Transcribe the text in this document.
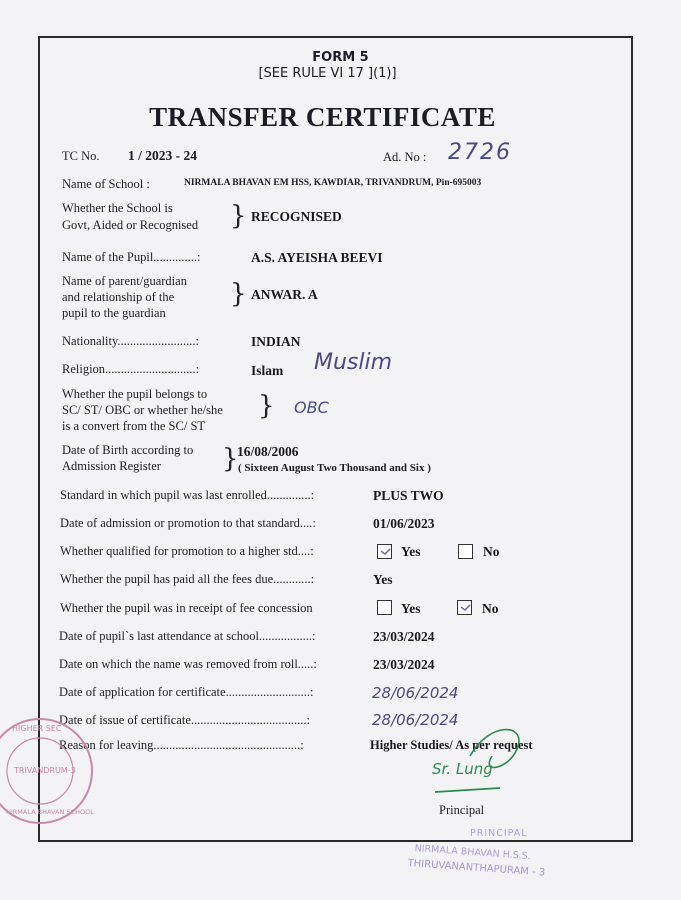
FORM 5
[SEE RULE VI 17 ](1)]
TRANSFER CERTIFICATE
TC No. 1 / 2023 - 24	Ad. No : 2726
Name of School :	NIRMALA BHAVAN EM HSS, KAWDIAR, TRIVANDRUM, Pin-695003
Whether the School is
Govt, Aided or Recognised } RECOGNISED
Name of the Pupil..............:	A.S. AYEISHA BEEVI
Name of parent/guardian
and relationship of the
pupil to the guardian
} ANWAR. A
Nationality.........................:	INDIAN
Religion.............................:	Islam Muslim
Whether the pupil belongs to
SC/ ST/ OBC or whether he/she
is a convert from the SC/ ST
} OBC
Date of Birth according to
Admission Register }
16/08/2006
( Sixteen August Two Thousand and Six )
Standard in which pupil was last enrolled..............:	PLUS TWO
Date of admission or promotion to that standard....:	01/06/2023
Whether qualified for promotion to a higher std....:	Yes	No
Whether the pupil has paid all the fees due............:	Yes
Whether the pupil was in receipt of fee concession	Yes	No
Date of pupil`s last attendance at school.................:	23/03/2024
Date on which the name was removed from roll.....:	23/03/2024
Date of application for certificate...........................:	28/06/2024
Date of issue of certificate.....................................:	28/06/2024
Reason for leaving...............................................:	Higher Studies/ As per request
Sr. Lung
Principal
HIGHER SEC
TRIVANDRUM-3
NIRMALA BHAVAN SCHOOL
PRINCIPAL
NIRMALA BHAVAN H.S.S.
THIRUVANANTHAPURAM - 3
